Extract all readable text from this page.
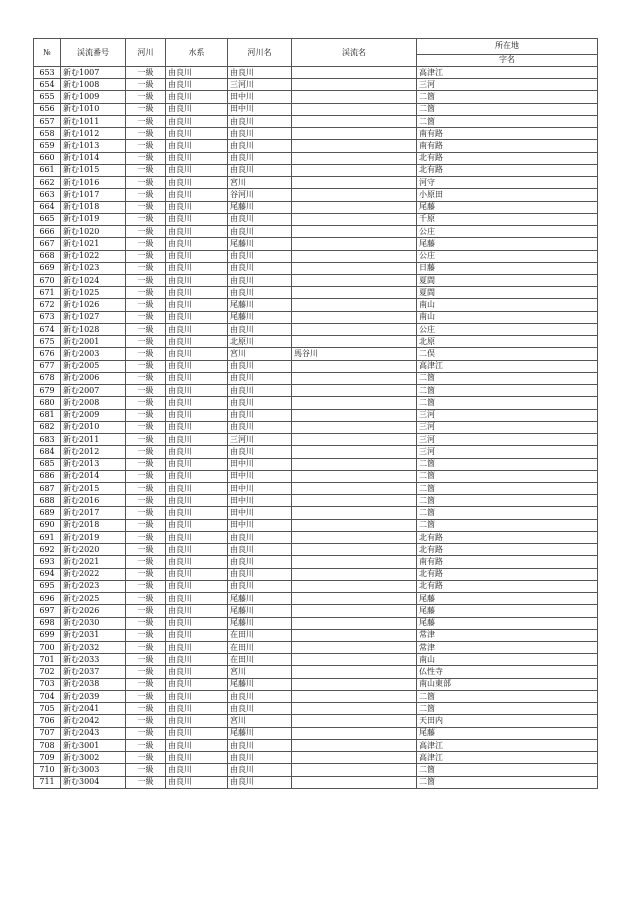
№	渓流番号	河川	水系	河川名	渓流名	所在地
						字名
653	新む1007	一級	由良川	由良川		高津江
654	新む1008	一級	由良川	三河川		三河
655	新む1009	一級	由良川	田中川		二箇
656	新む1010	一級	由良川	田中川		二箇
657	新む1011	一級	由良川	由良川		二箇
658	新む1012	一級	由良川	由良川		南有路
659	新む1013	一級	由良川	由良川		南有路
660	新む1014	一級	由良川	由良川		北有路
661	新む1015	一級	由良川	由良川		北有路
662	新む1016	一級	由良川	宮川		河守
663	新む1017	一級	由良川	谷河川		小原田
664	新む1018	一級	由良川	尾藤川		尾藤
665	新む1019	一級	由良川	由良川		千原
666	新む1020	一級	由良川	由良川		公庄
667	新む1021	一級	由良川	尾藤川		尾藤
668	新む1022	一級	由良川	由良川		公庄
669	新む1023	一級	由良川	由良川		日藤
670	新む1024	一級	由良川	由良川		夏間
671	新む1025	一級	由良川	由良川		夏間
672	新む1026	一級	由良川	尾藤川		南山
673	新む1027	一級	由良川	尾藤川		南山
674	新む1028	一級	由良川	由良川		公庄
675	新む2001	一級	由良川	北原川		北原
676	新む2003	一級	由良川	宮川	馬谷川	二俣
677	新む2005	一級	由良川	由良川		高津江
678	新む2006	一級	由良川	由良川		二箇
679	新む2007	一級	由良川	由良川		二箇
680	新む2008	一級	由良川	由良川		二箇
681	新む2009	一級	由良川	由良川		三河
682	新む2010	一級	由良川	由良川		三河
683	新む2011	一級	由良川	三河川		三河
684	新む2012	一級	由良川	由良川		三河
685	新む2013	一級	由良川	田中川		二箇
686	新む2014	一級	由良川	田中川		二箇
687	新む2015	一級	由良川	田中川		二箇
688	新む2016	一級	由良川	田中川		二箇
689	新む2017	一級	由良川	田中川		二箇
690	新む2018	一級	由良川	田中川		二箇
691	新む2019	一級	由良川	由良川		北有路
692	新む2020	一級	由良川	由良川		北有路
693	新む2021	一級	由良川	由良川		南有路
694	新む2022	一級	由良川	由良川		北有路
695	新む2023	一級	由良川	由良川		北有路
696	新む2025	一級	由良川	尾藤川		尾藤
697	新む2026	一級	由良川	尾藤川		尾藤
698	新む2030	一級	由良川	尾藤川		尾藤
699	新む2031	一級	由良川	在田川		常津
700	新む2032	一級	由良川	在田川		常津
701	新む2033	一級	由良川	在田川		南山
702	新む2037	一級	由良川	宮川		仏性寺
703	新む2038	一級	由良川	尾藤川		南山東部
704	新む2039	一級	由良川	由良川		二箇
705	新む2041	一級	由良川	由良川		二箇
706	新む2042	一級	由良川	宮川		天田内
707	新む2043	一級	由良川	尾藤川		尾藤
708	新む3001	一級	由良川	由良川		高津江
709	新む3002	一級	由良川	由良川		高津江
710	新む3003	一級	由良川	由良川		二箇
711	新む3004	一級	由良川	由良川		二箇
